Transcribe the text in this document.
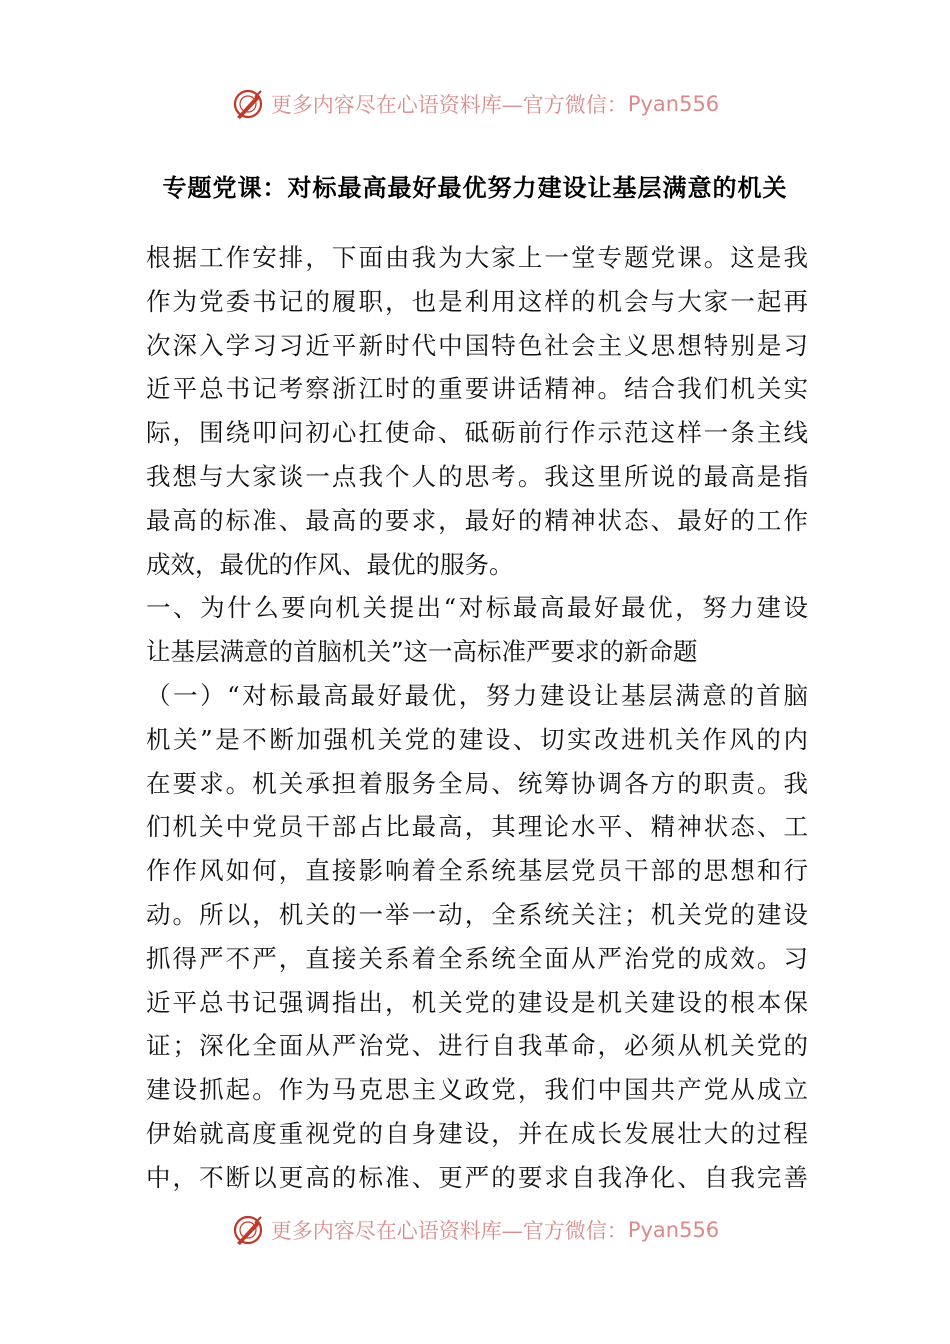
更多内容尽在心语资料库—官方微信： Pyan556
专题党课：对标最高最好最优努力建设让基层满意的机关
根据工作安排，下面由我为大家上一堂专题党课。这是我
作为党委书记的履职，也是利用这样的机会与大家一起再
次深入学习习近平新时代中国特色社会主义思想特别是习
近平总书记考察浙江时的重要讲话精神。结合我们机关实
际，围绕叩问初心扛使命、砥砺前行作示范这样一条主线
我想与大家谈一点我个人的思考。我这里所说的最高是指
最高的标准、最高的要求，最好的精神状态、最好的工作
成效，最优的作风、最优的服务。
一、为什么要向机关提出“对标最高最好最优，努力建设
让基层满意的首脑机关”这一高标准严要求的新命题
（一）“对标最高最好最优，努力建设让基层满意的首脑
机关”是不断加强机关党的建设、切实改进机关作风的内
在要求。机关承担着服务全局、统筹协调各方的职责。我
们机关中党员干部占比最高，其理论水平、精神状态、工
作作风如何，直接影响着全系统基层党员干部的思想和行
动。所以，机关的一举一动，全系统关注；机关党的建设
抓得严不严，直接关系着全系统全面从严治党的成效。习
近平总书记强调指出，机关党的建设是机关建设的根本保
证；深化全面从严治党、进行自我革命，必须从机关党的
建设抓起。作为马克思主义政党，我们中国共产党从成立
伊始就高度重视党的自身建设，并在成长发展壮大的过程
中，不断以更高的标准、更严的要求自我净化、自我完善
更多内容尽在心语资料库—官方微信： Pyan556
